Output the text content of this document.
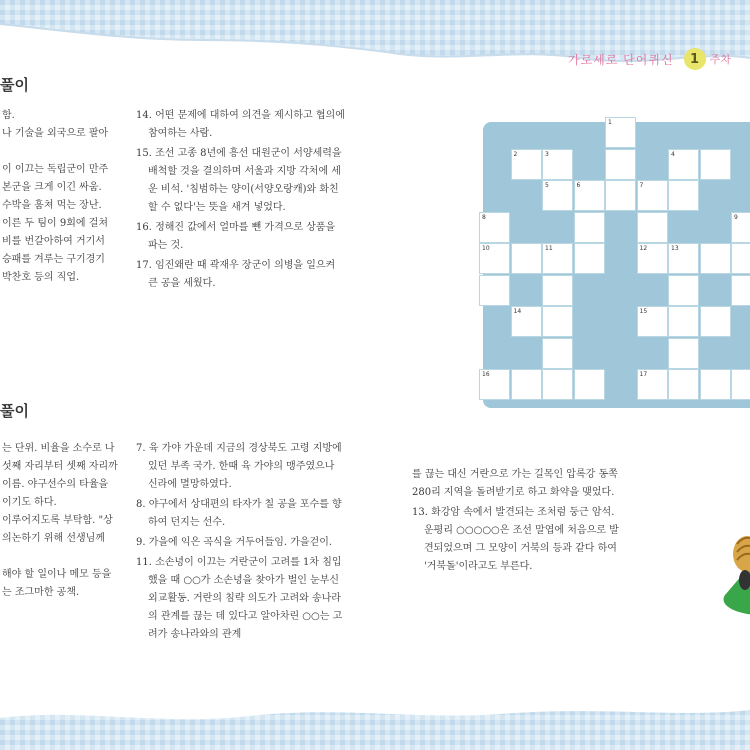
가로세로 단어퀴신	1 주차
풀이
풀이

함.

나 기술을 외국으로 팔아

이 이끄는 독립군이 만주

본군을 크게 이긴 싸움.

수박을 훔쳐 먹는 장난.

이른 두 팀이 9회에 걸쳐

비를 번갈아하여 거기서

승패를 겨루는 구기경기

박찬호 등의 직업.

14. 어떤 문제에 대하여 의견을 제시하고 협의에 참여하는 사람.

15. 조선 고종 8년에 흥선 대원군이 서양세력을 배척할 것을 결의하며 서울과 지방 각처에 세운 비석. '침범하는 양이(서양오랑캐)와 화친할 수 없다'는 뜻을 새겨 넣었다.

16. 정해진 값에서 얼마를 뺀 가격으로 상품을 파는 것.

17. 임진왜란 때 곽재우 장군이 의병을 일으켜 큰 공을 세웠다.

는 단위. 비율을 소수로 나

섯째 자리부터 셋째 자리까

이름. 야구선수의 타율을

이기도 하다.

이루어지도록 부탁함. "상

의논하기 위해 선생님께

해야 할 일이나 메모 등을

는 조그마한 공책.

7. 육 가야 가운데 지금의 경상북도 고령 지방에 있던 부족 국가. 한때 육 가야의 맹주였으나 신라에 멸망하였다.

8. 야구에서 상대편의 타자가 칠 공을 포수를 향하여 던지는 선수.

9. 가을에 익은 곡식을 거두어들임. 가을걷이.

11. 소손녕이 이끄는 거란군이 고려를 1차 침입했을 때 ○○가 소손녕을 찾아가 벌인 눈부신 외교활동. 거란의 침략 의도가 고려와 송나라의 관계를 끊는 데 있다고 알아차린 ○○는 고려가 송나라와의 관계

를 끊는 대신 거란으로 가는 길목인 압록강 동쪽 280리 지역을 돌려받기로 하고 화약을 맺었다.

13. 화강암 속에서 발견되는 조처럼 둥근 암석. 운평리 ○○○○○은 조선 말엽에 처음으로 발견되었으며 그 모양이 거북의 등과 같다 하여 '거북돌'이라고도 부른다.

1
2	3	4
5	6	7
8	9
10	11	12	13
14	15
16	17
